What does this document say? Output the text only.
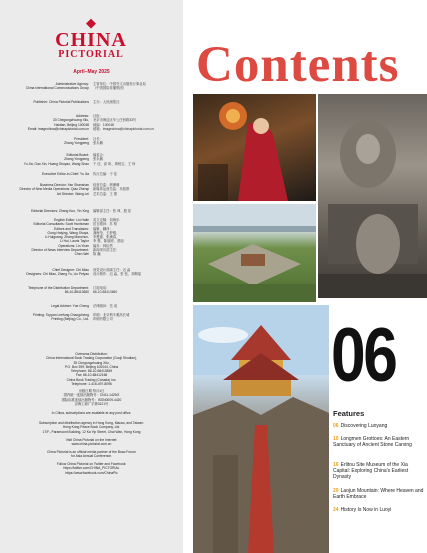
◆
CHINA
PICTORIAL
April–May 2025
Administrative Agency:
China International Communications Group
主管单位：中国外文出版发行事业局
（中国国际传播集团）
Publisher: China Pictorial Publications 主办：人民画报社
Address:
33 Chegongzhuang Xilu,
Haidian, Beijing 100048
Email: imagechina@chinapictorial.com.cn
社址：
北京市海淀区车公庄西路33号
邮编：100048
邮箱：imagechina@chinapictorial.com.cn
President:
Zhang Yongpeng
社长：
张永鹏
Editorial Board:
Zhang Yongpeng
Yu Jia, Gao Xin, Huang Shuyao, Wang Shao
编委会：
张永鹏
于 佳、高 昕、黄秋宝、王 炜
Executive Editor-in-Chief: Yu Jia 执行总编：于 佳
Business Director: Yan Shanshan
Director of New Media Operations: Qiao Zhenqi
Art Director: Wang Lei
经营总监：颜珊珊
新媒体运营总监：乔振祺
艺术总监：王 蕾
Editorial Directors: Zhang Kun, Yin Xing 编辑部主任：张 坤、殷 星
English Editor: Liu Haile
Editorial Consultants: Scott Huntsman
Editors and Translators:
Gong Haiying, Wang Shuya,
Li Huiguang, Zhang Manchun,
Li Hui, Lauris Taylor
Operations: Lin Yiran
Director of News Interview Department:
Chen Wei
英文定稿：刘海乐
语言顾问：苏 格
编辑、翻译：
龚海莹、王舒雅、
李慧惠、张满春、
李 慧、陈丽婷、蔡丽
编务：林怡然
新闻采访部主任：
陈 巍
Chief Designer: Chi Miao
Designers: Chi Miao, Zhang Yu, Liu Peiyao
视觉设计部副主任：迟 淼
设计制作：迟 淼、张 钰、刘佩瑶
Telephone of the Distribution Department:
86-10-88413660
订阅电话：
86-10-88413660
Legal Adviser: Yue Cheng 法律顾问：岳 成
Printing: Toppan Leefung Changcheng
Printing (Beijing) Co., Ltd.
印刷：北京利丰雅高长城
印刷有限公司
Overseas Distribution:
China International Book Trading Corporation (Guoji Shudian),
35 Chegongzhuang Xilu,
P.O. Box 399, Beijing 100044, China
Telephone: 86-10-68413849
Fax: 86-10-68412166
China Book Trading (Canada) Inc.
Telephone: 1-416-497-8096
出版日期 每月1日
国内统一连续出版物号：CN11-1429/Z
国际标准连续出版物号：ISSN0009-4420
京海工商广字第0121号
In China, subscriptions are available at any post office.
Subscription and distribution agency in Hong Kong, Macao, and Taiwan:
Hong Kong Peace Book Company, Ltd.
17/F., Paramount Building, 12 Ka Yip Street, Chai Wan, Hong Kong
Visit China Pictorial on the Internet:
www.china-pictorial.com.cn
China Pictorial is an official media partner of the Boao Forum
for Asia Annual Conference.
Follow China Pictorial on Twitter and Facebook:
https://twitter.com/CHINA_PICTORIAL
https://www.facebook.com/ChinaPic
Contents
06
Features
06 Discovering Luoyang
10 Longmen Grottoes: An Eastern Sanctuary of Ancient Stone Carving
16 Erlitou Site Museum of the Xia Capital: Exploring China's Earliest Dynasty
20 Laojun Mountain: Where Heaven and Earth Embrace
24 History Is Now in Luoyi
